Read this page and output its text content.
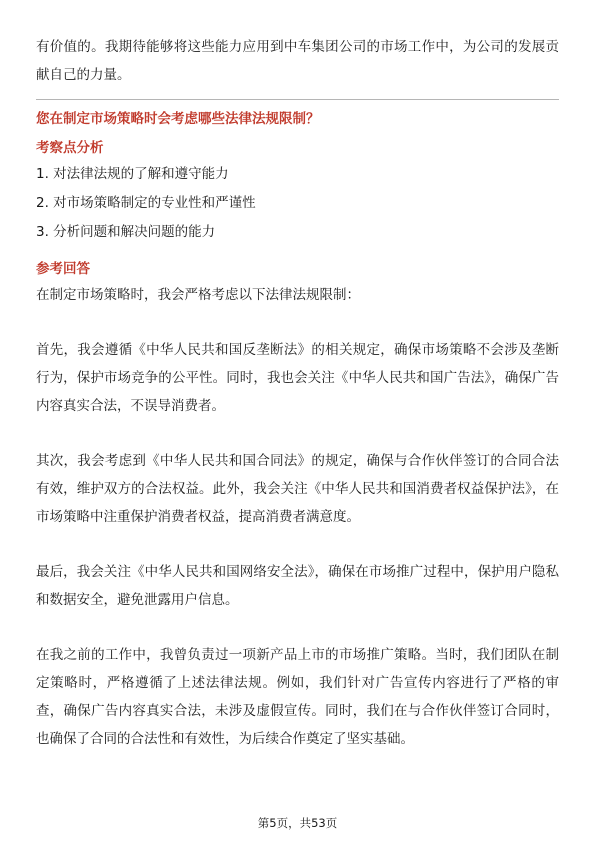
有价值的。我期待能够将这些能力应用到中车集团公司的市场工作中，为公司的发展贡献自己的力量。

您在制定市场策略时会考虑哪些法律法规限制？
考察点分析
1. 对法律法规的了解和遵守能力
2. 对市场策略制定的专业性和严谨性
3. 分析问题和解决问题的能力
参考回答

在制定市场策略时，我会严格考虑以下法律法规限制：

首先，我会遵循《中华人民共和国反垄断法》的相关规定，确保市场策略不会涉及垄断行为，保护市场竞争的公平性。同时，我也会关注《中华人民共和国广告法》，确保广告内容真实合法，不误导消费者。

其次，我会考虑到《中华人民共和国合同法》的规定，确保与合作伙伴签订的合同合法有效，维护双方的合法权益。此外，我会关注《中华人民共和国消费者权益保护法》，在市场策略中注重保护消费者权益，提高消费者满意度。

最后，我会关注《中华人民共和国网络安全法》，确保在市场推广过程中，保护用户隐私和数据安全，避免泄露用户信息。

在我之前的工作中，我曾负责过一项新产品上市的市场推广策略。当时，我们团队在制定策略时，严格遵循了上述法律法规。例如，我们针对广告宣传内容进行了严格的审查，确保广告内容真实合法，未涉及虚假宣传。同时，我们在与合作伙伴签订合同时，也确保了合同的合法性和有效性，为后续合作奠定了坚实基础。

第5页，共53页
